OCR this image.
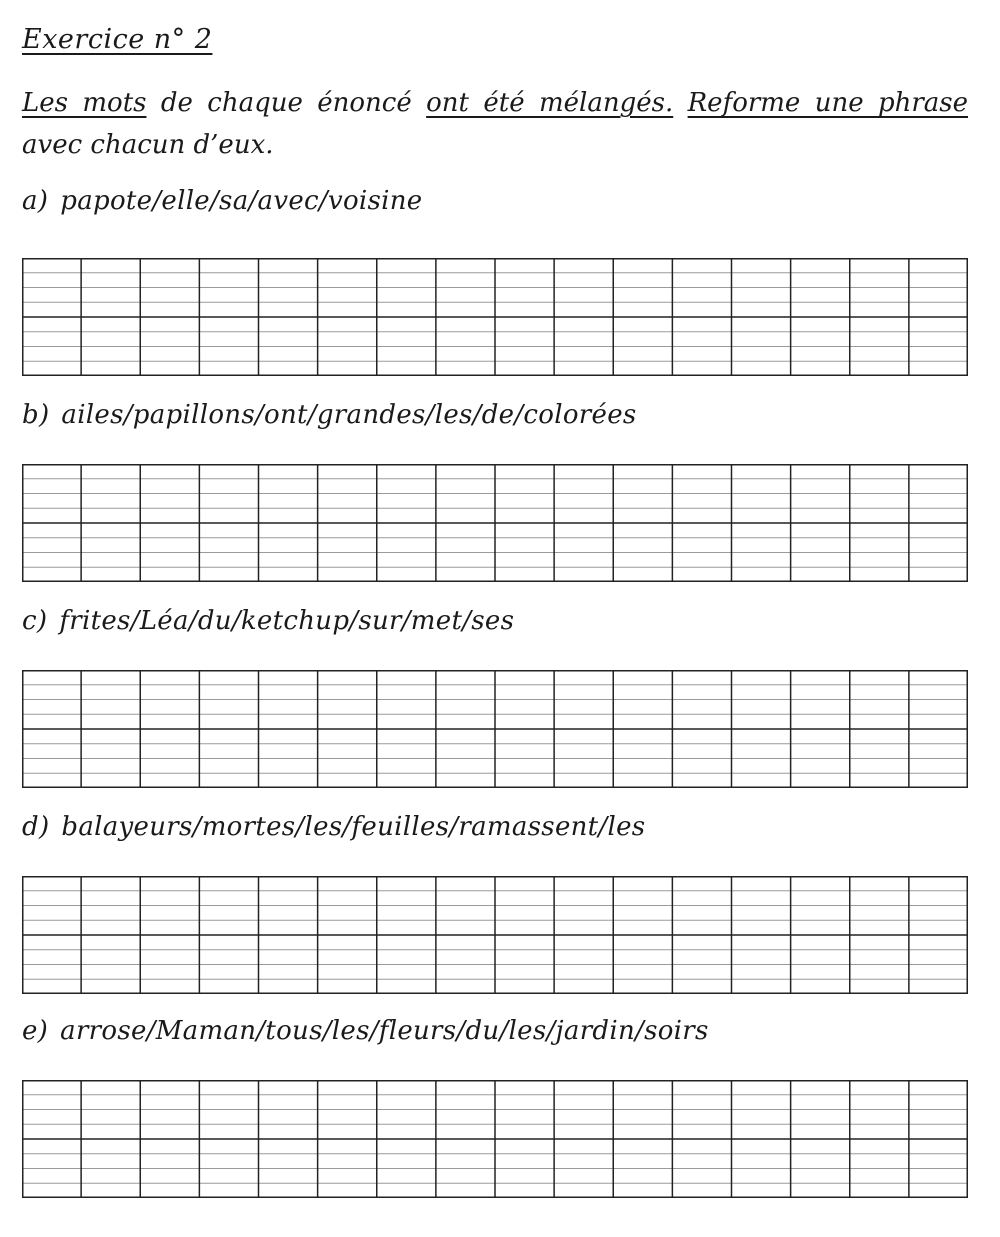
Exercice n° 2
Les mots de chaque énoncé ont été mélangés. Reforme une phrase avec chacun d’eux.
a) papote/elle/sa/avec/voisine
b) ailes/papillons/ont/grandes/les/de/colorées
c) frites/Léa/du/ketchup/sur/met/ses
d) balayeurs/mortes/les/feuilles/ramassent/les
e) arrose/Maman/tous/les/fleurs/du/les/jardin/soirs
